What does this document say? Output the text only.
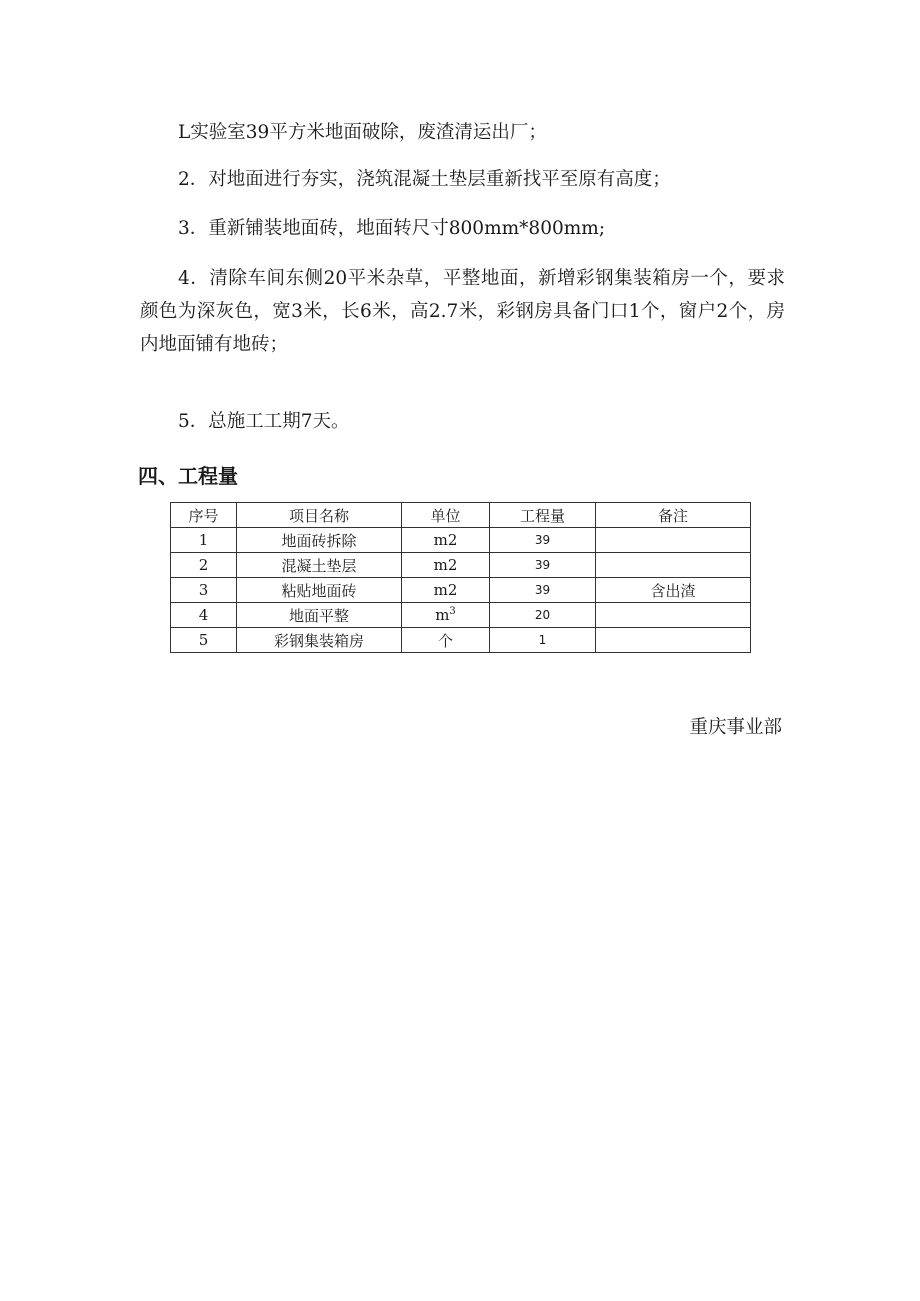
L实验室39平方米地面破除，废渣清运出厂；
2．对地面进行夯实，浇筑混凝土垫层重新找平至原有高度；
3．重新铺装地面砖，地面转尺寸800mm*800mm;
4．清除车间东侧20平米杂草，平整地面，新增彩钢集装箱房一个，要求颜色为深灰色，宽3米，长6米，高2.7米，彩钢房具备门口1个，窗户2个，房内地面铺有地砖；
5．总施工工期7天。
四、工程量
序号	项目名称	单位	工程量	备注
1	地面砖拆除	m2	39	
2	混凝土垫层	m2	39	
3	粘贴地面砖	m2	39	含出渣
4	地面平整	$m^3$	20	
5	彩钢集装箱房	个	1	
重庆事业部
